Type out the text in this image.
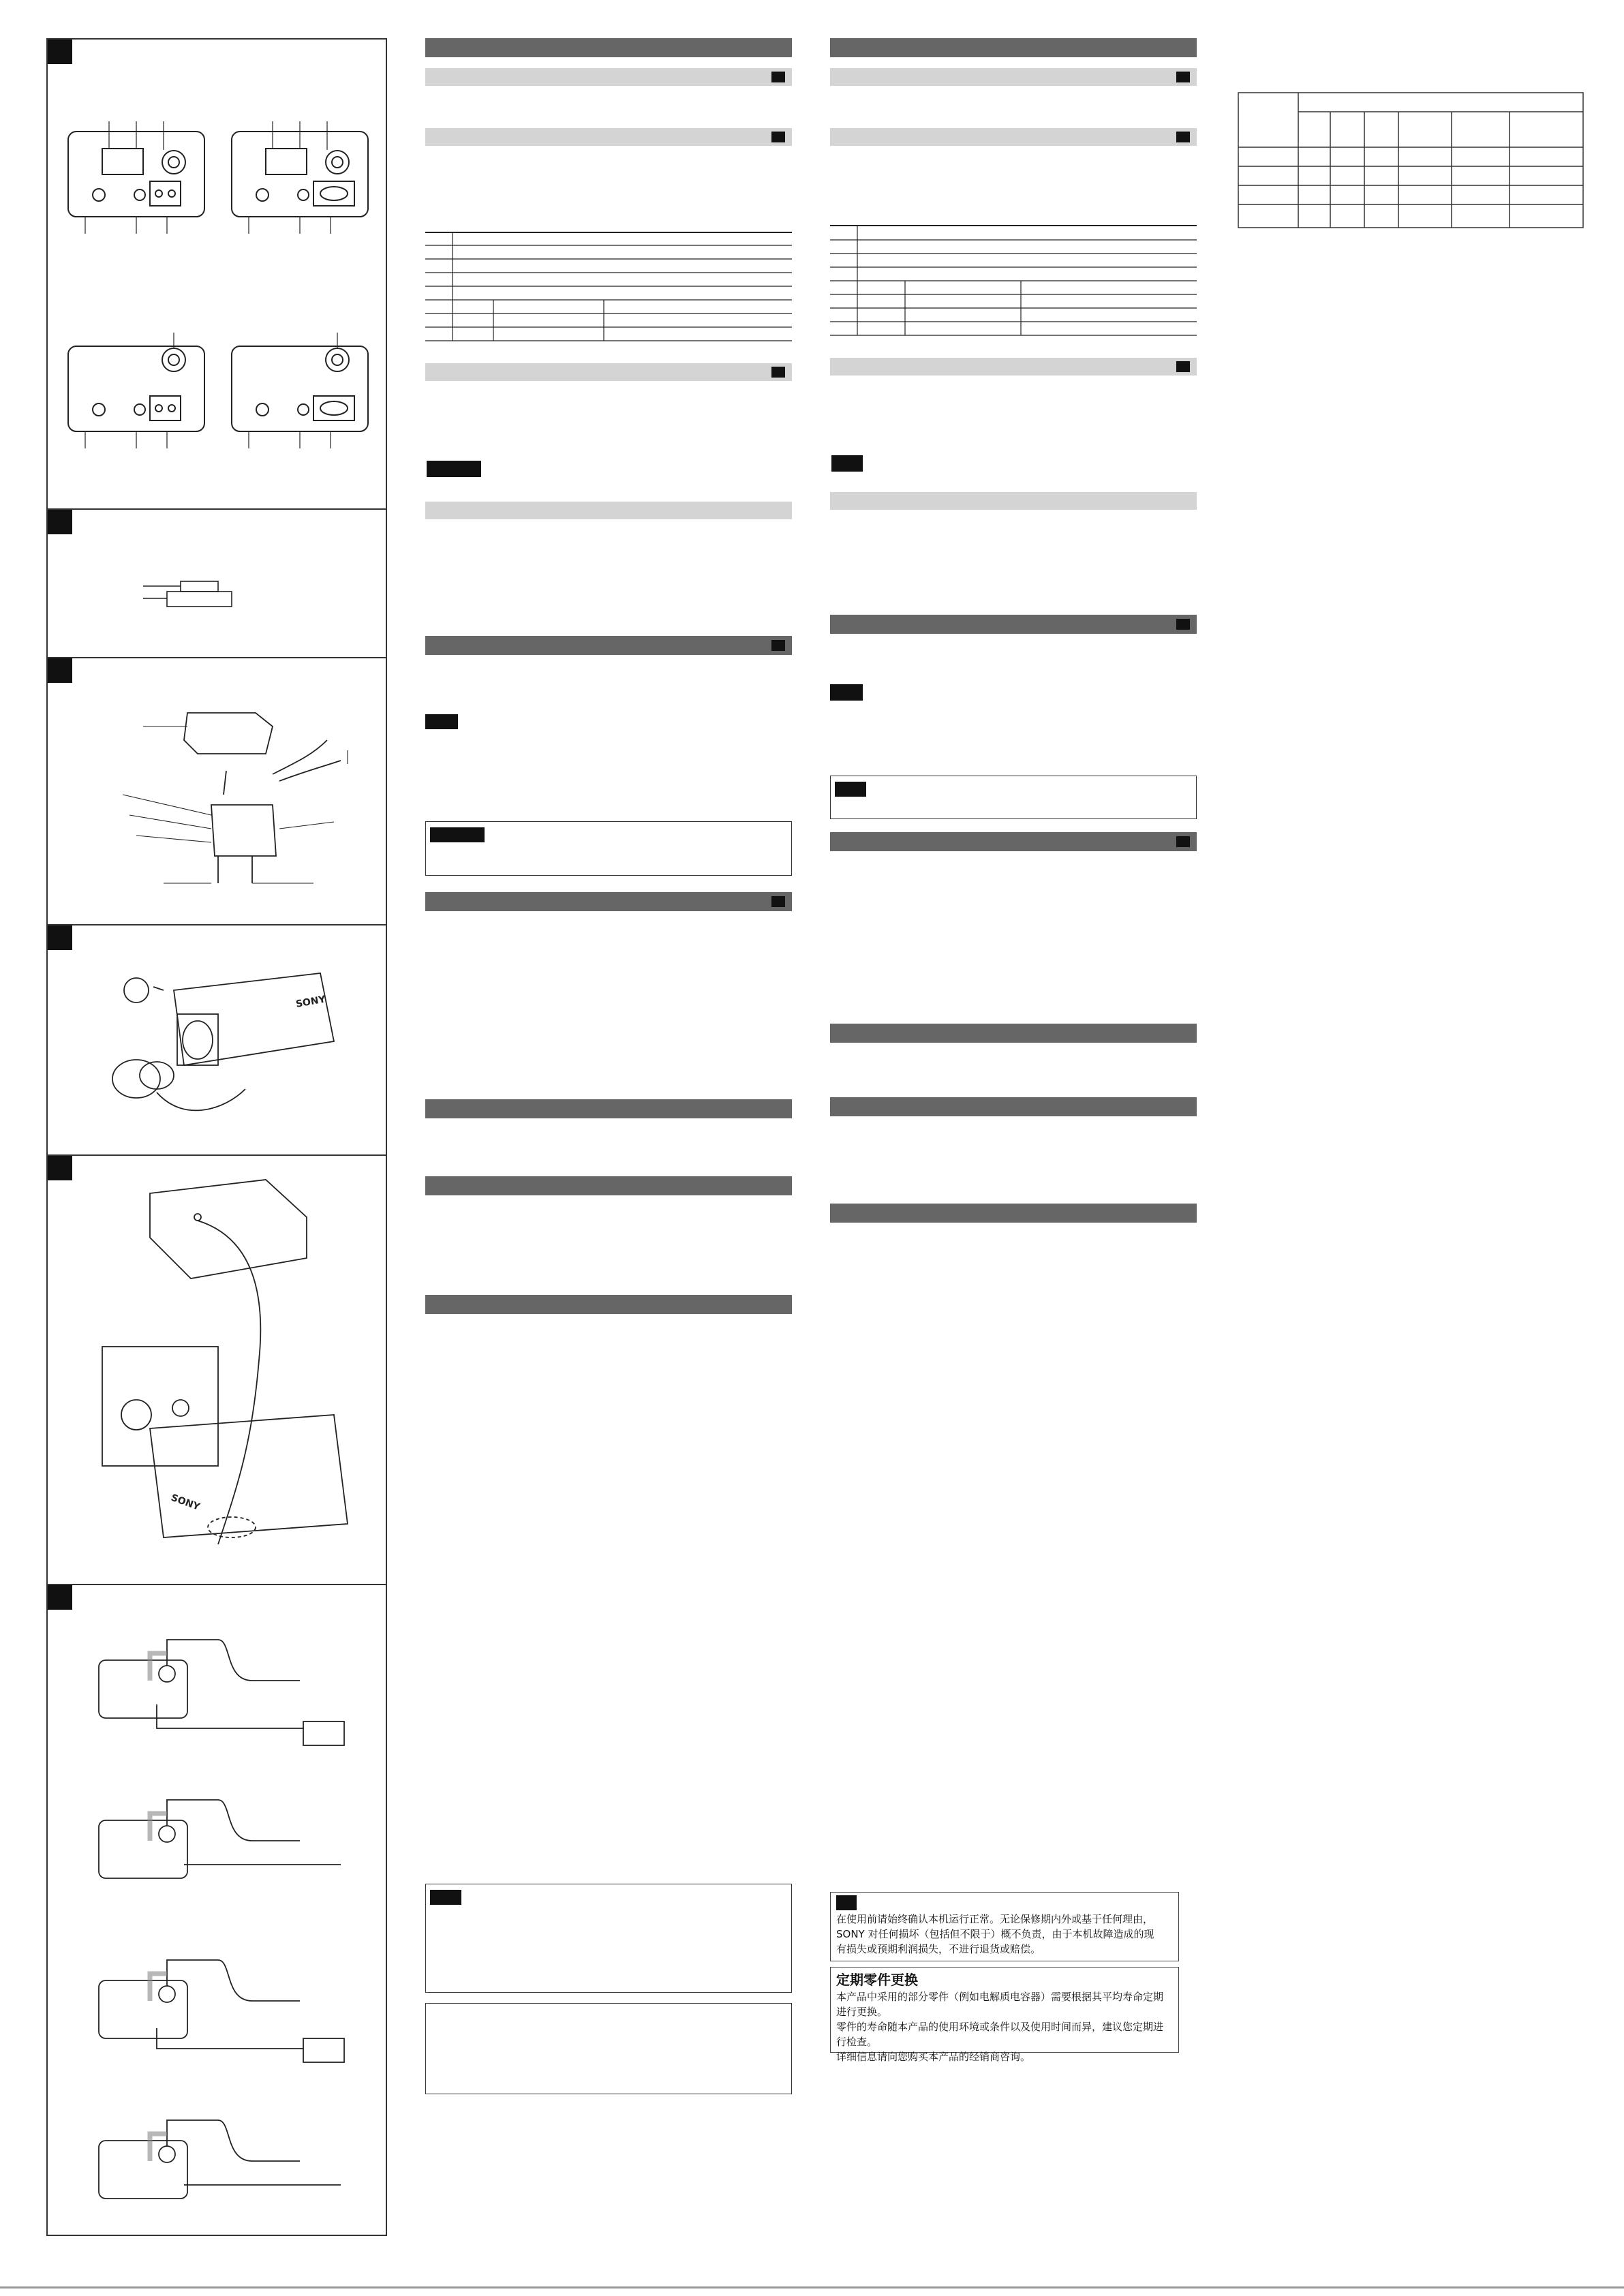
SONY
SONY

在使用前请始终确认本机运行正常。无论保修期内外或基于任何理由，

SONY 对任何损坏（包括但不限于）概不负责，由于本机故障造成的现

有损失或预期利润损失，不进行退货或赔偿。

定期零件更换

本产品中采用的部分零件（例如电解质电容器）需要根据其平均寿命定期

进行更换。

零件的寿命随本产品的使用环境或条件以及使用时间而异，建议您定期进

行检查。

详细信息请向您购买本产品的经销商咨询。
